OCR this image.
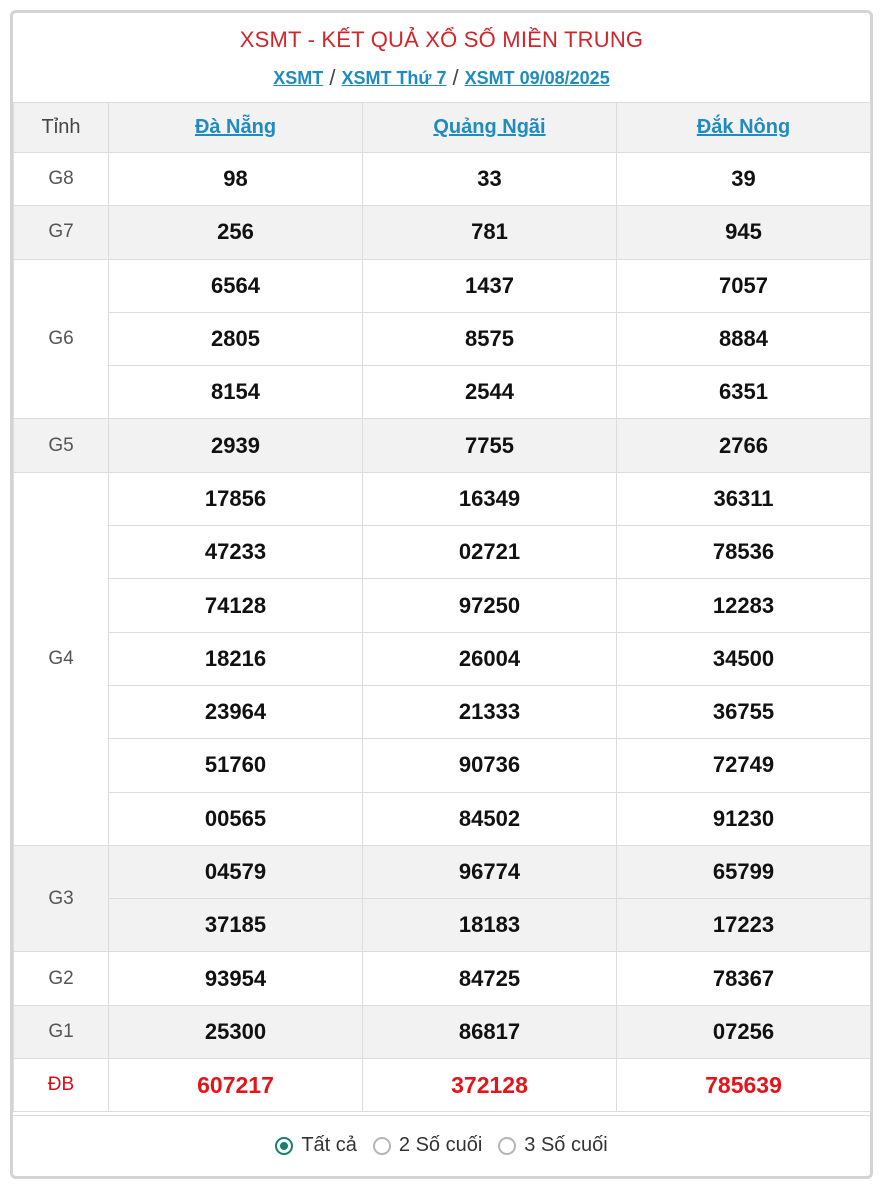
XSMT - KẾT QUẢ XỔ SỐ MIỀN TRUNG
XSMT / XSMT Thứ 7 / XSMT 09/08/2025
Tỉnh	Đà Nẵng	Quảng Ngãi	Đắk Nông
G8	98	33	39
G7	256	781	945
G6	6564	1437	7057
	2805	8575	8884
	8154	2544	6351
G5	2939	7755	2766
G4	17856	16349	36311
	47233	02721	78536
	74128	97250	12283
	18216	26004	34500
	23964	21333	36755
	51760	90736	72749
	00565	84502	91230
G3	04579	96774	65799
	37185	18183	17223
G2	93954	84725	78367
G1	25300	86817	07256
ĐB	607217	372128	785639
Tất cả 2 Số cuối 3 Số cuối
